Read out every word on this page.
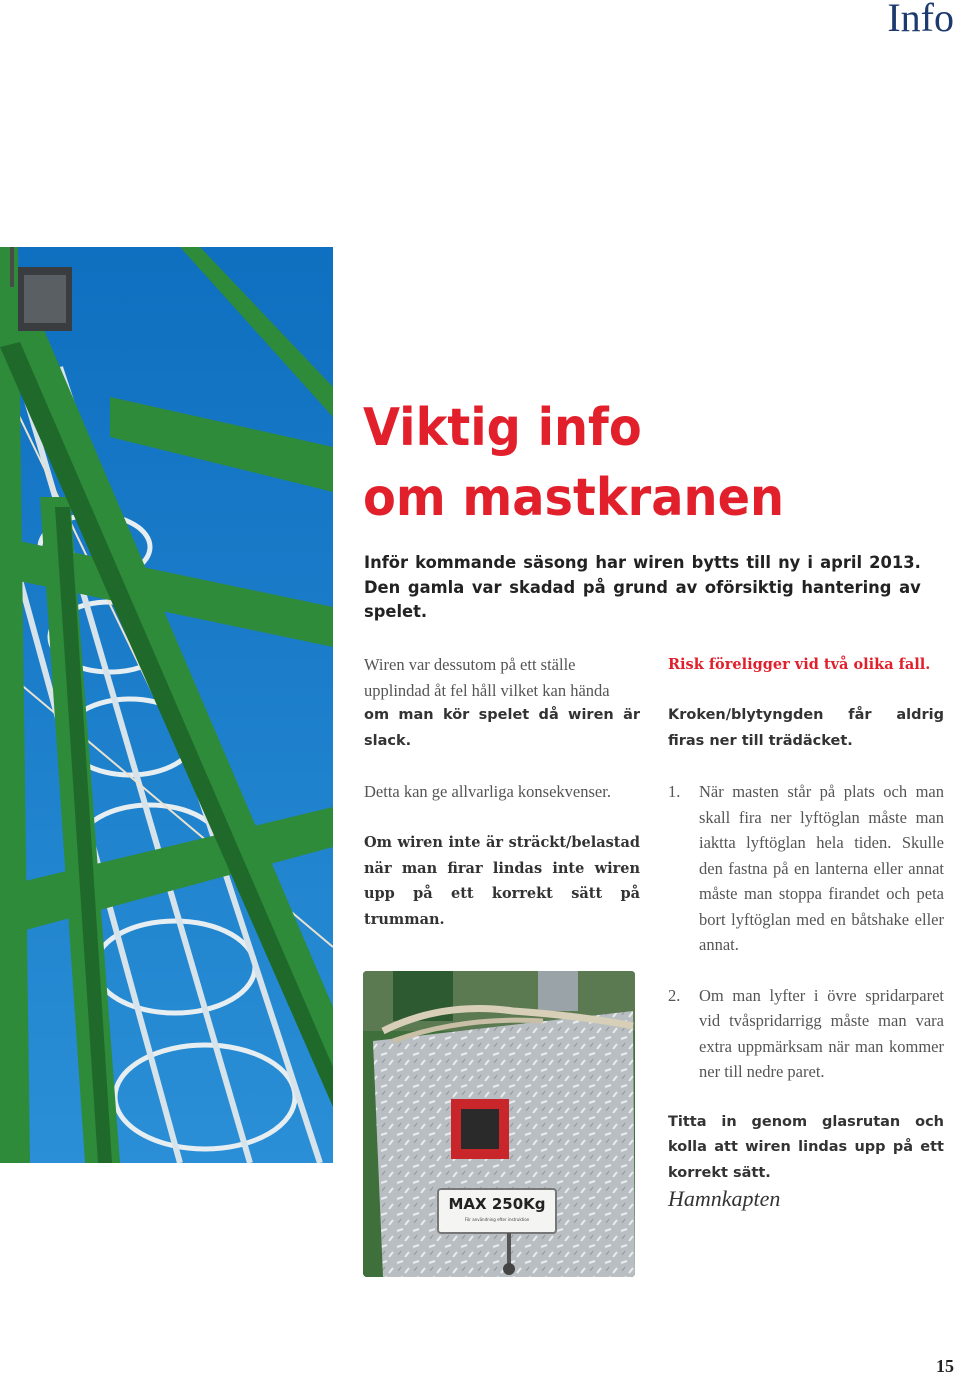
Info
Viktig info
om mastkranen

Inför kommande säsong har wiren bytts till ny i april 2013. Den gamla var skadad på grund av oförsiktig hantering av spelet.

Wiren var dessutom på ett ställe upplindad åt fel håll vilket kan hända

om man kör spelet då wiren är slack.

Detta kan ge allvarliga konsekvenser.

Om wiren inte är sträckt/belastad när man firar lindas inte wiren upp på ett korrekt sätt på trumman.

Risk föreligger vid två olika fall.

Kroken/blytyngden får aldrig firas ner till trädäcket.

1.	När masten står på plats och man skall fira ner lyftöglan måste man iaktta lyftöglan hela tiden. Skulle den fastna på en lanterna eller annat måste man stoppa firandet och peta bort lyftöglan med en båtshake eller annat.
2.	Om man lyfter i övre spridarparet vid tvåspridarrigg måste man vara extra uppmärksam när man kommer ner till nedre paret.

Titta in genom glasrutan och kolla att wiren lindas upp på ett korrekt sätt.

Hamnkapten

MAX 250Kg
För användning efter instruktion
15
